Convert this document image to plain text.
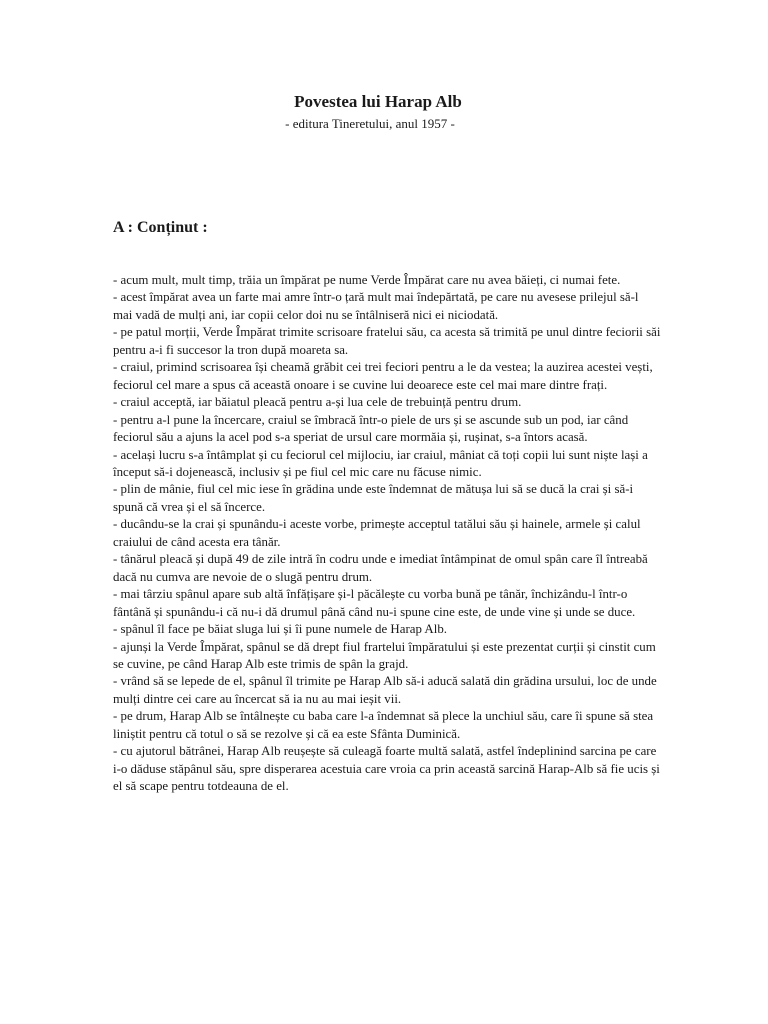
Povestea lui Harap Alb
- editura Tineretului, anul 1957 -
A : Conținut :

- acum mult, mult timp, trăia un împărat pe nume Verde Împărat care nu avea băieți, ci numai fete.

- acest împărat avea un farte mai amre într-o țară mult mai îndepărtată, pe care nu avesese prilejul să-l mai vadă de mulți ani, iar copii celor doi nu se întâlniseră nici ei niciodată.

- pe patul morții, Verde Împărat trimite scrisoare fratelui său, ca acesta să trimită pe unul dintre feciorii săi pentru a-i fi succesor la tron după moareta sa.

- craiul, primind scrisoarea își cheamă grăbit cei trei feciori pentru a le da vestea; la auzirea acestei vești, feciorul cel mare a spus că această onoare i se cuvine lui deoarece este cel mai mare dintre frați.

- craiul acceptă, iar băiatul pleacă pentru a-și lua cele de trebuință pentru drum.

- pentru a-l pune la încercare, craiul se îmbracă într-o piele de urs și se ascunde sub un pod, iar când feciorul său a ajuns la acel pod s-a speriat de ursul care mormăia și, rușinat, s-a întors acasă.

- același lucru s-a întâmplat și cu feciorul cel mijlociu, iar craiul, mâniat că toți copii lui sunt niște lași a început să-i dojenească, inclusiv și pe fiul cel mic care nu făcuse nimic.

- plin de mânie, fiul cel mic iese în grădina unde este îndemnat de mătușa lui să se ducă la crai și să-i spună că vrea și el să încerce.

- ducându-se la crai și spunându-i aceste vorbe, primește acceptul tatălui său și hainele, armele și calul craiului de când acesta era tânăr.

- tânărul pleacă și după 49 de zile intră în codru unde e imediat întâmpinat de omul spân care îl întreabă dacă nu cumva are nevoie de o slugă pentru drum.

- mai târziu spânul apare sub altă înfățișare și-l păcălește cu vorba bună pe tânăr, închizându-l într-o fântână și spunându-i că nu-i dă drumul până când nu-i spune cine este, de unde vine și unde se duce.

- spânul îl face pe băiat sluga lui și îi pune numele de Harap Alb.

- ajunși la Verde Împărat, spânul se dă drept fiul frartelui împăratului și este prezentat curții și cinstit cum se cuvine, pe când Harap Alb este trimis de spân la grajd.

- vrând să se lepede de el, spânul îl trimite pe Harap Alb să-i aducă salată din grădina ursului, loc de unde mulți dintre cei care au încercat să ia nu au mai ieșit vii.

- pe drum, Harap Alb se întâlnește cu baba care l-a îndemnat să plece la unchiul său, care îi spune să stea liniștit pentru că totul o să se rezolve și că ea este Sfânta Duminică.

- cu ajutorul bătrânei, Harap Alb reușește să culeagă foarte multă salată, astfel îndeplinind sarcina pe care i-o dăduse stăpânul său, spre disperarea acestuia care vroia ca prin această sarcină Harap-Alb să fie ucis și el să scape pentru totdeauna de el.
